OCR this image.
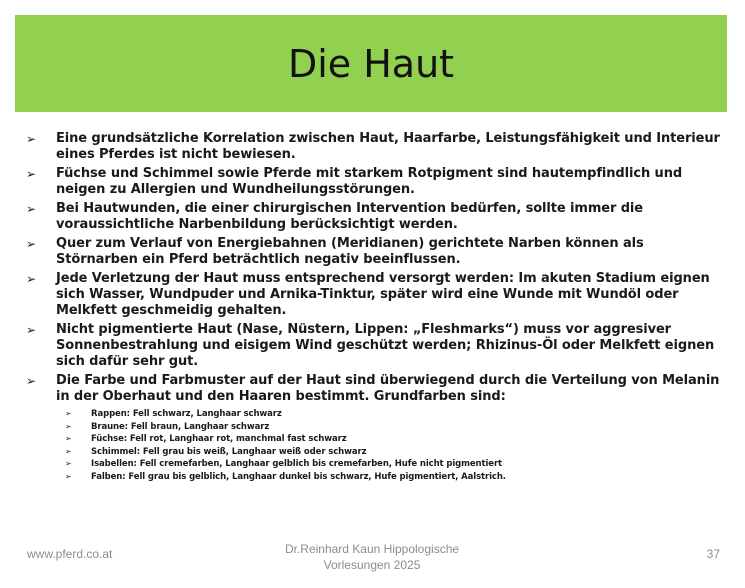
Die Haut
➢ Eine grundsätzliche Korrelation zwischen Haut, Haarfarbe, Leistungsfähigkeit und Interieur eines Pferdes ist nicht bewiesen.
➢ Füchse und Schimmel sowie Pferde mit starkem Rotpigment sind hautempfindlich und neigen zu Allergien und Wundheilungsstörungen.
➢ Bei Hautwunden, die einer chirurgischen Intervention bedürfen, sollte immer die voraussichtliche Narbenbildung berücksichtigt werden.
➢ Quer zum Verlauf von Energiebahnen (Meridianen) gerichtete Narben können als Störnarben ein Pferd beträchtlich negativ beeinflussen.
➢ Jede Verletzung der Haut muss entsprechend versorgt werden: Im akuten Stadium eignen sich Wasser, Wundpuder und Arnika-Tinktur, später wird eine Wunde mit Wundöl oder Melkfett geschmeidig gehalten.
➢ Nicht pigmentierte Haut (Nase, Nüstern, Lippen: „Fleshmarks“) muss vor aggresiver Sonnenbestrahlung und eisigem Wind geschützt werden; Rhizinus-Öl oder Melkfett eignen sich dafür sehr gut.
➢ Die Farbe und Farbmuster auf der Haut sind überwiegend durch die Verteilung von Melanin in der Oberhaut und den Haaren bestimmt. Grundfarben sind:
➢ Rappen: Fell schwarz, Langhaar schwarz
➢ Braune: Fell braun, Langhaar schwarz
➢ Füchse: Fell rot, Langhaar rot, manchmal fast schwarz
➢ Schimmel: Fell grau bis weiß, Langhaar weiß oder schwarz
➢ Isabellen: Fell cremefarben, Langhaar gelblich bis cremefarben, Hufe nicht pigmentiert
➢ Falben: Fell grau bis gelblich, Langhaar dunkel bis schwarz, Hufe pigmentiert, Aalstrich.
www.pferd.co.at	Dr.Reinhard Kaun Hippologische
Vorlesungen 2025
37
